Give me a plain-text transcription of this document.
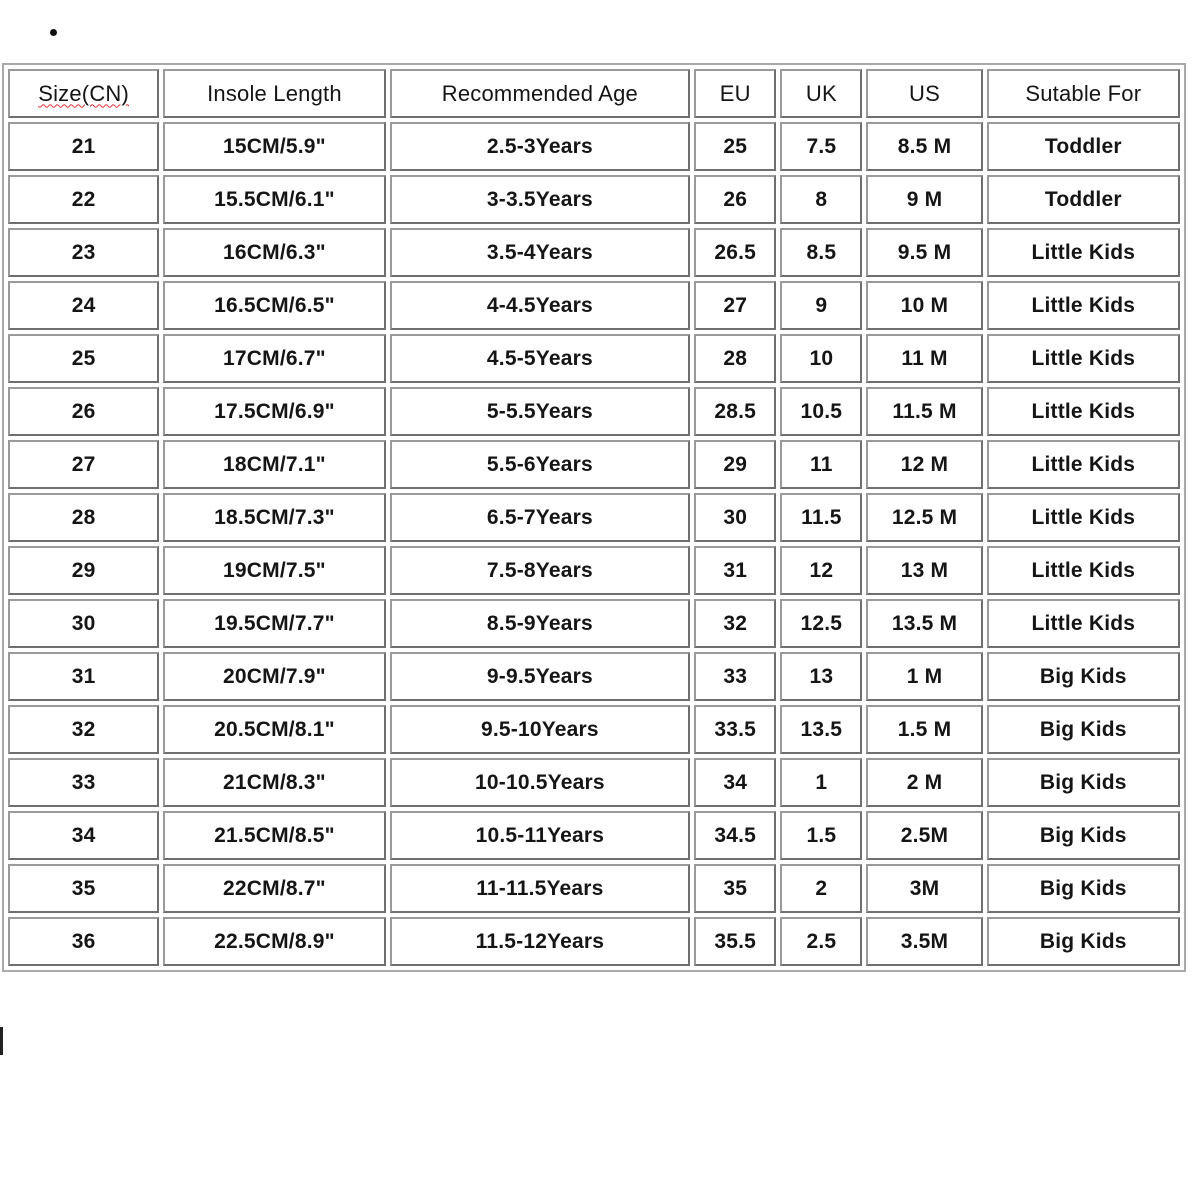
Size(CN)	Insole Length	Recommended Age	EU	UK	US	Sutable For
21	15CM/5.9"	2.5-3Years	25	7.5	8.5 M	Toddler
22	15.5CM/6.1"	3-3.5Years	26	8	9 M	Toddler
23	16CM/6.3"	3.5-4Years	26.5	8.5	9.5 M	Little Kids
24	16.5CM/6.5"	4-4.5Years	27	9	10 M	Little Kids
25	17CM/6.7"	4.5-5Years	28	10	11 M	Little Kids
26	17.5CM/6.9"	5-5.5Years	28.5	10.5	11.5 M	Little Kids
27	18CM/7.1"	5.5-6Years	29	11	12 M	Little Kids
28	18.5CM/7.3"	6.5-7Years	30	11.5	12.5 M	Little Kids
29	19CM/7.5"	7.5-8Years	31	12	13 M	Little Kids
30	19.5CM/7.7"	8.5-9Years	32	12.5	13.5 M	Little Kids
31	20CM/7.9"	9-9.5Years	33	13	1 M	Big Kids
32	20.5CM/8.1"	9.5-10Years	33.5	13.5	1.5 M	Big Kids
33	21CM/8.3"	10-10.5Years	34	1	2 M	Big Kids
34	21.5CM/8.5"	10.5-11Years	34.5	1.5	2.5M	Big Kids
35	22CM/8.7"	11-11.5Years	35	2	3M	Big Kids
36	22.5CM/8.9"	11.5-12Years	35.5	2.5	3.5M	Big Kids
